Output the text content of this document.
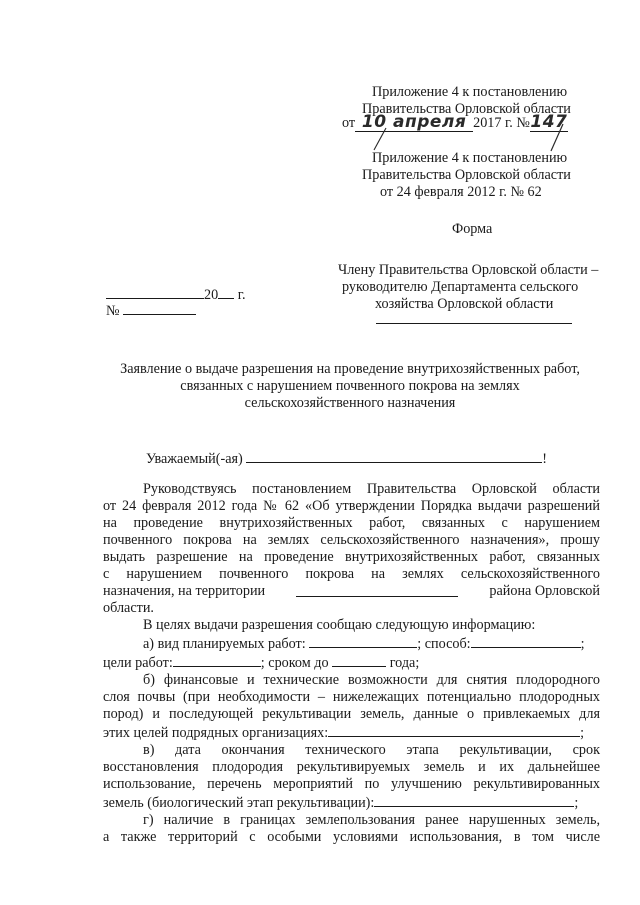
Приложение 4 к постановлению
Правительства Орловской области
от 10 апреля 2017 г. №147
Приложение 4 к постановлению
Правительства Орловской области
от 24 февраля 2012 г. № 62
Форма
Члену Правительства Орловской области –
руководителю Департамента сельского
хозяйства Орловской области
20 г.
№
Заявление о выдаче разрешения на проведение внутрихозяйственных работ,
связанных с нарушением почвенного покрова на землях
сельскохозяйственного назначения
Уважаемый(-ая)	!
Руководствуясь постановлением Правительства Орловской области
от 24 февраля 2012 года № 62 «Об утверждении Порядка выдачи разрешений
на проведение внутрихозяйственных работ, связанных с нарушением
почвенного покрова на землях сельскохозяйственного назначения», прошу
выдать разрешение на проведение внутрихозяйственных работ, связанных
с нарушением почвенного покрова на землях сельскохозяйственного
назначения, на территории	района Орловской
области.
В целях выдачи разрешения сообщаю следующую информацию:
а) вид планируемых работ:	; способ:	;
цели работ:	; сроком до	года;
б) финансовые и технические возможности для снятия плодородного
слоя почвы (при необходимости – нижележащих потенциально плодородных
пород) и последующей рекультивации земель, данные о привлекаемых для
этих целей подрядных организациях:	;
в) дата окончания технического этапа рекультивации, срок
восстановления плодородия рекультивируемых земель и их дальнейшее
использование, перечень мероприятий по улучшению рекультивированных
земель (биологический этап рекультивации):	;
г) наличие в границах землепользования ранее нарушенных земель,
а также территорий с особыми условиями использования, в том числе
